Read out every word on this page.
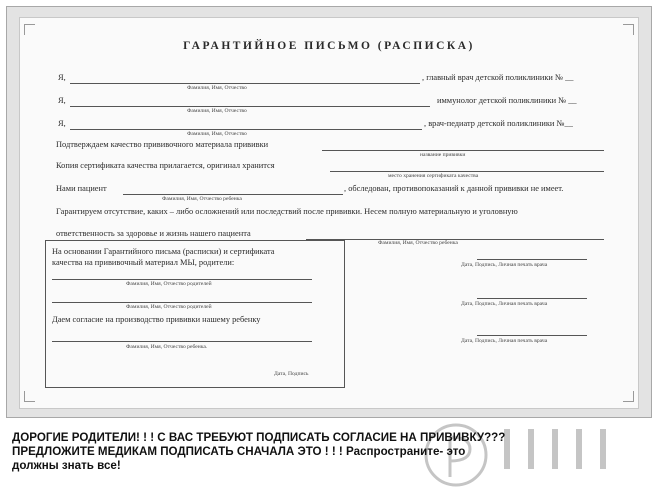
ГАРАНТИЙНОЕ ПИСЬМО (РАСПИСКА)
Я,	, главный врач детской поликлиники № __
Фамилия, Имя, Отчество
Я,	иммунолог детской поликлиники № __
Фамилия, Имя, Отчество
Я,	, врач-педиатр детской поликлиники №__
Фамилия, Имя, Отчество
Подтверждаем качество прививочного материала прививки
название прививки
Копия сертификата качества прилагается, оригинал хранится
место хранения сертификата качества
Нами пациент	, обследован, противопоказаний к данной прививки не имеет.
Фамилия, Имя, Отчество ребенка
Гарантируем отсутствие, каких – либо осложнений или последствий после прививки. Несем полную материальную и уголовную
ответственность за здоровье и жизнь нашего пациента
Фамилия, Имя, Отчество ребенка
На основании Гарантийного письма (расписки) и сертификата
качества на прививочный материал МЫ, родители:
Фамилия, Имя, Отчество родителей
Фамилия, Имя, Отчество родителей
Даем согласие на производство прививки нашему ребенку
Фамилия, Имя, Отчество ребенка.
Дата, Подпись
Дата, Подпись, Личная печать врача
Дата, Подпись, Личная печать врача
Дата, Подпись, Личная печать врача
ДОРОГИЕ РОДИТЕЛИ! ! ! С ВАС ТРЕБУЮТ ПОДПИСАТЬ СОГЛАСИЕ НА ПРИВИВКУ???
ПРЕДЛОЖИТЕ МЕДИКАМ ПОДПИСАТЬ СНАЧАЛА ЭТО ! ! ! Распространите- это
должны знать все!
